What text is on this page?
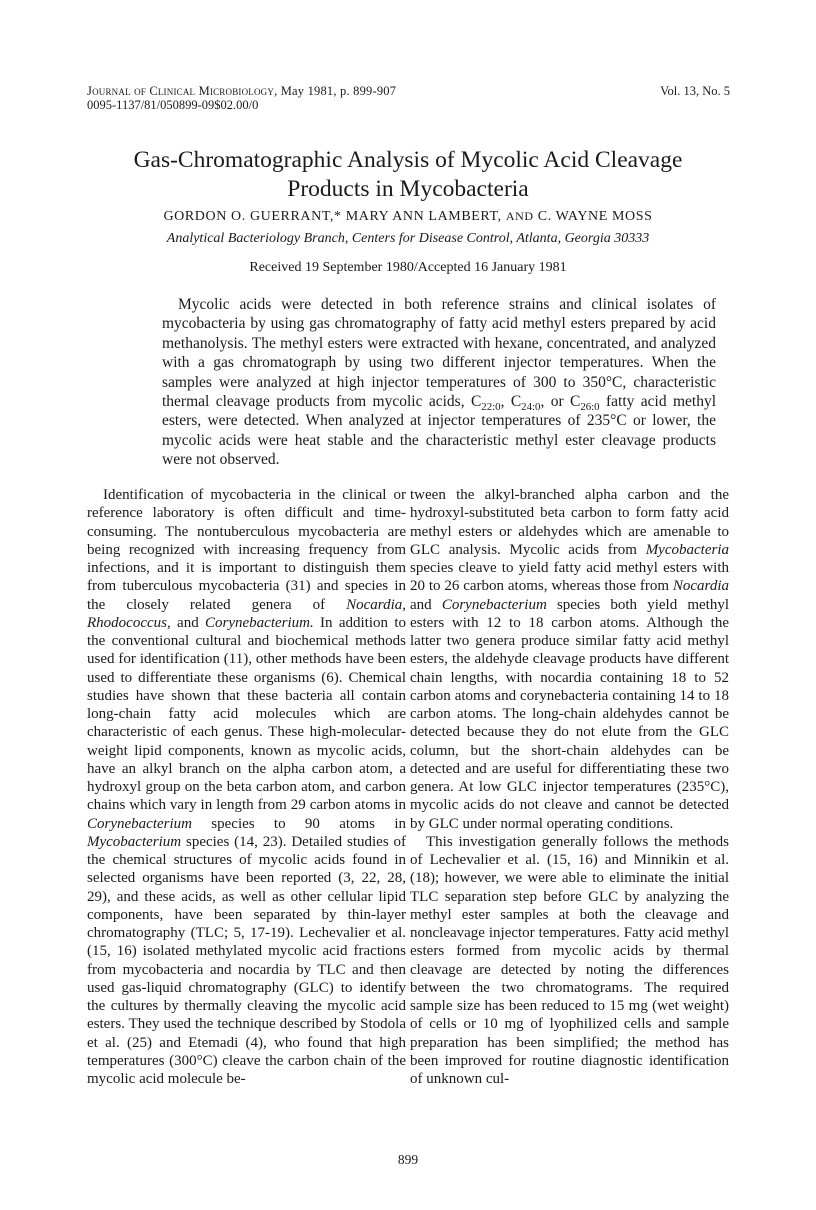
Journal of Clinical Microbiology, May 1981, p. 899-907
0095-1137/81/050899-09$02.00/0
Vol. 13, No. 5
Gas-Chromatographic Analysis of Mycolic Acid Cleavage
Products in Mycobacteria
GORDON O. GUERRANT,* MARY ANN LAMBERT, AND C. WAYNE MOSS
Analytical Bacteriology Branch, Centers for Disease Control, Atlanta, Georgia 30333
Received 19 September 1980/Accepted 16 January 1981

Mycolic acids were detected in both reference strains and clinical isolates of mycobacteria by using gas chromatography of fatty acid methyl esters prepared by acid methanolysis. The methyl esters were extracted with hexane, concentrated, and analyzed with a gas chromatograph by using two different injector temperatures. When the samples were analyzed at high injector temperatures of 300 to 350°C, characteristic thermal cleavage products from mycolic acids, $C_{22:0}$, $C_{24:0}$, or $C_{26:0}$ fatty acid methyl esters, were detected. When analyzed at injector temperatures of 235°C or lower, the mycolic acids were heat stable and the characteristic methyl ester cleavage products were not observed.

Identification of mycobacteria in the clinical or reference laboratory is often difficult and time-consuming. The nontuberculous mycobacteria are being recognized with increasing frequency from infections, and it is important to distinguish them from tuberculous mycobacteria (31) and species in the closely related genera of Nocardia, Rhodococcus, and Corynebacterium. In addition to the conventional cultural and biochemical methods used for identification (11), other methods have been used to differentiate these organisms (6). Chemical studies have shown that these bacteria all contain long-chain fatty acid molecules which are characteristic of each genus. These high-molecular-weight lipid components, known as mycolic acids, have an alkyl branch on the alpha carbon atom, a hydroxyl group on the beta carbon atom, and carbon chains which vary in length from 29 carbon atoms in Corynebacterium species to 90 atoms in Mycobacterium species (14, 23). Detailed studies of the chemical structures of mycolic acids found in selected organisms have been reported (3, 22, 28, 29), and these acids, as well as other cellular lipid components, have been separated by thin-layer chromatography (TLC; 5, 17-19). Lechevalier et al. (15, 16) isolated methylated mycolic acid fractions from mycobacteria and nocardia by TLC and then used gas-liquid chromatography (GLC) to identify the cultures by thermally cleaving the mycolic acid esters. They used the technique described by Stodola et al. (25) and Etemadi (4), who found that high temperatures (300°C) cleave the carbon chain of the mycolic acid molecule be-

tween the alkyl-branched alpha carbon and the hydroxyl-substituted beta carbon to form fatty acid methyl esters or aldehydes which are amenable to GLC analysis. Mycolic acids from Mycobacteria species cleave to yield fatty acid methyl esters with 20 to 26 carbon atoms, whereas those from Nocardia and Corynebacterium species both yield methyl esters with 12 to 18 carbon atoms. Although the latter two genera produce similar fatty acid methyl esters, the aldehyde cleavage products have different chain lengths, with nocardia containing 18 to 52 carbon atoms and corynebacteria containing 14 to 18 carbon atoms. The long-chain aldehydes cannot be detected because they do not elute from the GLC column, but the short-chain aldehydes can be detected and are useful for differentiating these two genera. At low GLC injector temperatures (235°C), mycolic acids do not cleave and cannot be detected by GLC under normal operating conditions.

This investigation generally follows the methods of Lechevalier et al. (15, 16) and Minnikin et al. (18); however, we were able to eliminate the initial TLC separation step before GLC by analyzing the methyl ester samples at both the cleavage and noncleavage injector temperatures. Fatty acid methyl esters formed from mycolic acids by thermal cleavage are detected by noting the differences between the two chromatograms. The required sample size has been reduced to 15 mg (wet weight) of cells or 10 mg of lyophilized cells and sample preparation has been simplified; the method has been improved for routine diagnostic identification of unknown cul-

899
